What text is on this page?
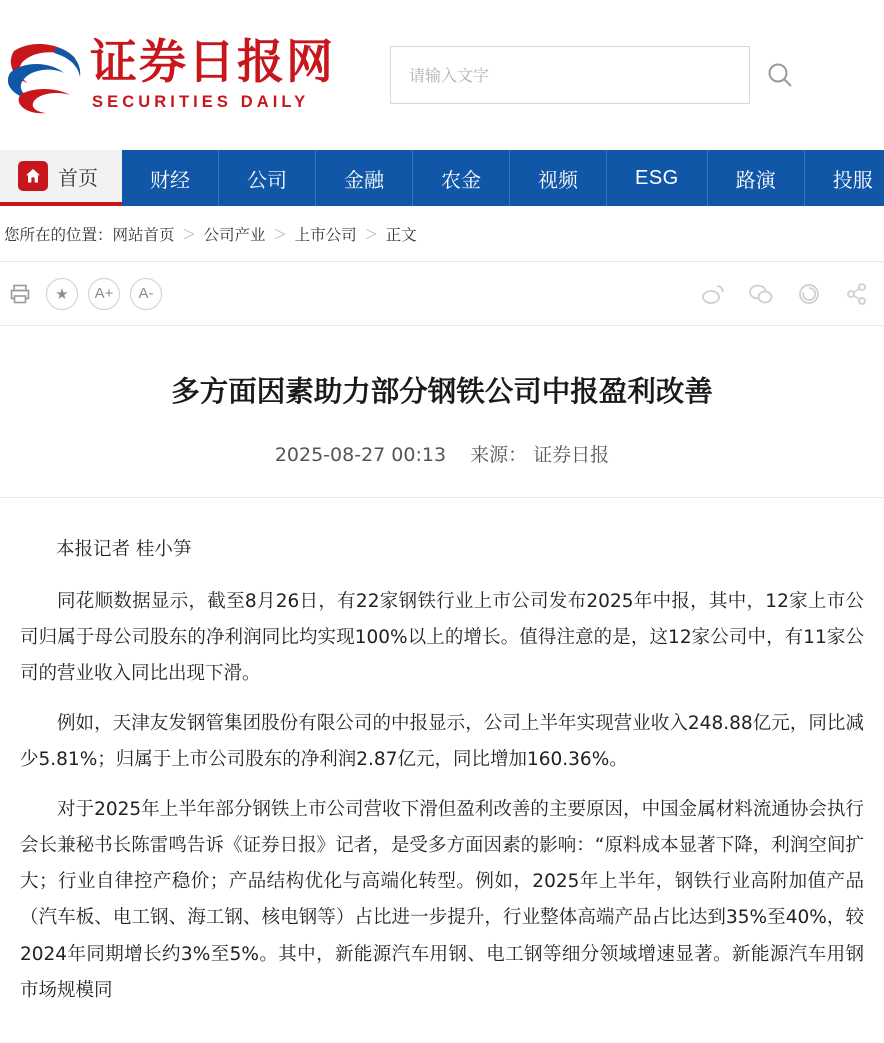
证券日报网
SECURITIES DAILY
请输入文字
首页	财经	公司	金融	农金	视频	ESG	路演	投服
您所在的位置： 网站首页 ＞ 公司产业 ＞ 上市公司 ＞ 正文
★	A+	A-
多方面因素助力部分钢铁公司中报盈利改善
2025-08-27 00:13 来源： 证券日报

本报记者 桂小笋

同花顺数据显示，截至8月26日，有22家钢铁行业上市公司发布2025年中报，其中，12家上市公司归属于母公司股东的净利润同比均实现100%以上的增长。值得注意的是，这12家公司中，有11家公司的营业收入同比出现下滑。

例如，天津友发钢管集团股份有限公司的中报显示，公司上半年实现营业收入248.88亿元，同比减少5.81%；归属于上市公司股东的净利润2.87亿元，同比增加160.36%。

对于2025年上半年部分钢铁上市公司营收下滑但盈利改善的主要原因，中国金属材料流通协会执行会长兼秘书长陈雷鸣告诉《证券日报》记者，是受多方面因素的影响：“原料成本显著下降，利润空间扩大；行业自律控产稳价；产品结构优化与高端化转型。例如，2025年上半年，钢铁行业高附加值产品（汽车板、电工钢、海工钢、核电钢等）占比进一步提升，行业整体高端产品占比达到35%至40%，较2024年同期增长约3%至5%。其中，新能源汽车用钢、电工钢等细分领域增速显著。新能源汽车用钢市场规模同
